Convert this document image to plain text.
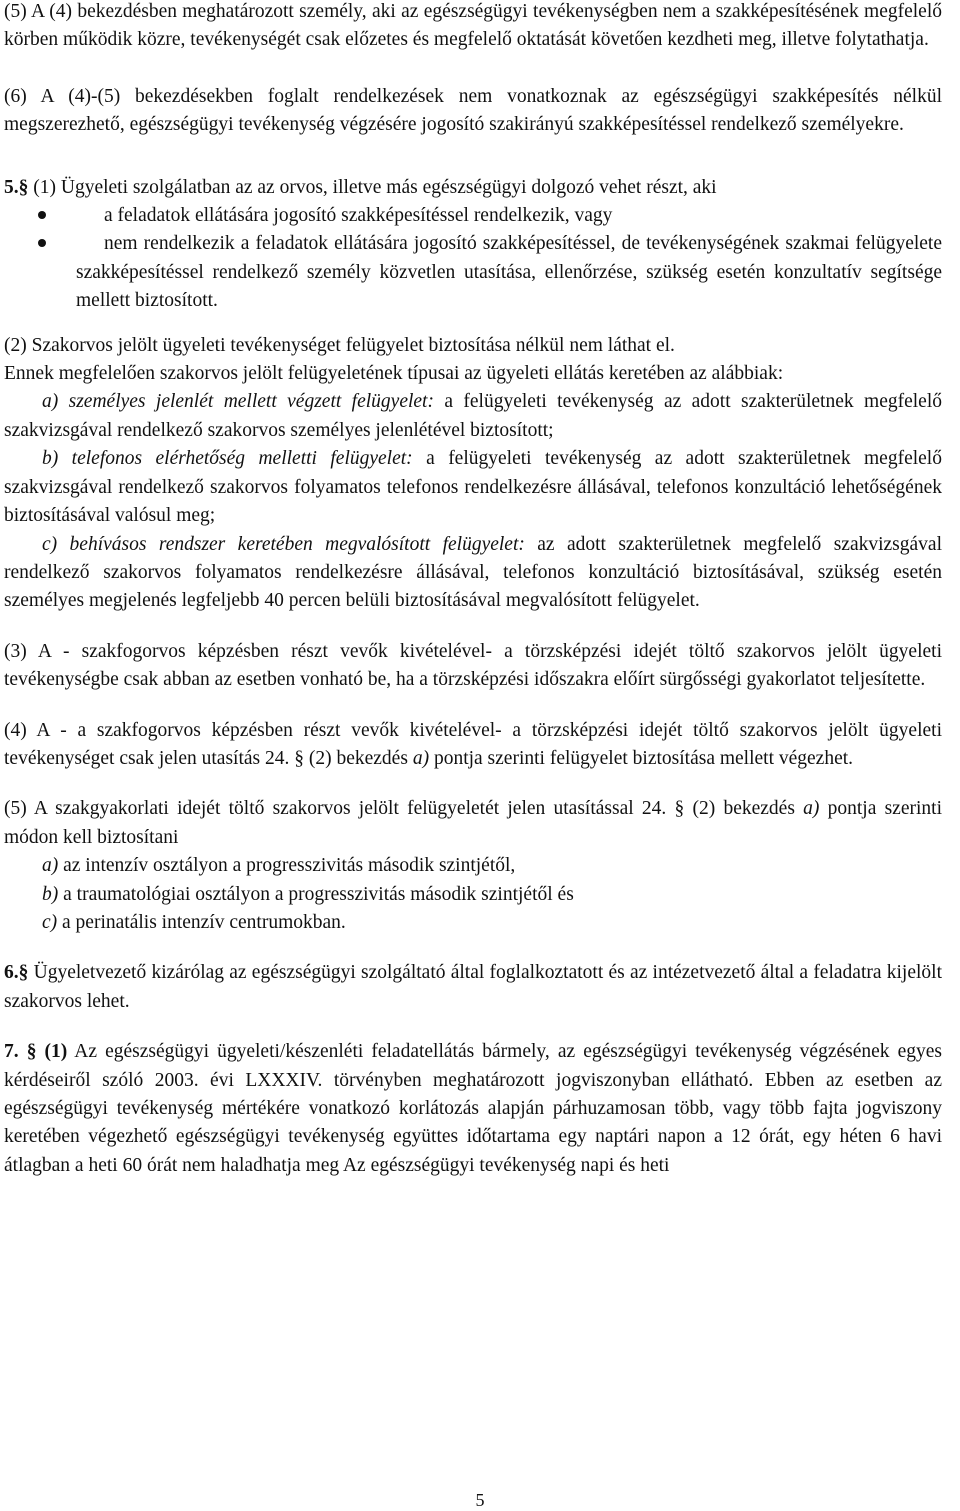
(5) A (4) bekezdésben meghatározott személy, aki az egészségügyi tevékenységben nem a szakképesítésének megfelelő körben működik közre, tevékenységét csak előzetes és megfelelő oktatását követően kezdheti meg, illetve folytathatja.

(6) A (4)-(5) bekezdésekben foglalt rendelkezések nem vonatkoznak az egészségügyi szakképesítés nélkül megszerezhető, egészségügyi tevékenység végzésére jogosító szakirányú szakképesítéssel rendelkező személyekre.

5.§ (1) Ügyeleti szolgálatban az az orvos, illetve más egészségügyi dolgozó vehet részt, aki

a feladatok ellátására jogosító szakképesítéssel rendelkezik, vagy
nem rendelkezik a feladatok ellátására jogosító szakképesítéssel, de tevékenységének szakmai felügyelete szakképesítéssel rendelkező személy közvetlen utasítása, ellenőrzése, szükség esetén konzultatív segítsége mellett biztosított.

(2) Szakorvos jelölt ügyeleti tevékenységet felügyelet biztosítása nélkül nem láthat el.

Ennek megfelelően szakorvos jelölt felügyeletének típusai az ügyeleti ellátás keretében az alábbiak:

a) személyes jelenlét mellett végzett felügyelet: a felügyeleti tevékenység az adott szakterületnek megfelelő szakvizsgával rendelkező szakorvos személyes jelenlétével biztosított;

b) telefonos elérhetőség melletti felügyelet: a felügyeleti tevékenység az adott szakterületnek megfelelő szakvizsgával rendelkező szakorvos folyamatos telefonos rendelkezésre állásával, telefonos konzultáció lehetőségének biztosításával valósul meg;

c) behívásos rendszer keretében megvalósított felügyelet: az adott szakterületnek megfelelő szakvizsgával rendelkező szakorvos folyamatos rendelkezésre állásával, telefonos konzultáció biztosításával, szükség esetén személyes megjelenés legfeljebb 40 percen belüli biztosításával megvalósított felügyelet.

(3) A - szakfogorvos képzésben részt vevők kivételével- a törzsképzési idejét töltő szakorvos jelölt ügyeleti tevékenységbe csak abban az esetben vonható be, ha a törzsképzési időszakra előírt sürgősségi gyakorlatot teljesítette.

(4) A - a szakfogorvos képzésben részt vevők kivételével- a törzsképzési idejét töltő szakorvos jelölt ügyeleti tevékenységet csak jelen utasítás 24. § (2) bekezdés a) pontja szerinti felügyelet biztosítása mellett végezhet.

(5) A szakgyakorlati idejét töltő szakorvos jelölt felügyeletét jelen utasítással 24. § (2) bekezdés a) pontja szerinti módon kell biztosítani

a) az intenzív osztályon a progresszivitás második szintjétől,

b) a traumatológiai osztályon a progresszivitás második szintjétől és

c) a perinatális intenzív centrumokban.

6.§ Ügyeletvezető kizárólag az egészségügyi szolgáltató által foglalkoztatott és az intézetvezető által a feladatra kijelölt szakorvos lehet.

7. § (1) Az egészségügyi ügyeleti/készenléti feladatellátás bármely, az egészségügyi tevékenység végzésének egyes kérdéseiről szóló 2003. évi LXXXIV. törvényben meghatározott jogviszonyban ellátható. Ebben az esetben az egészségügyi tevékenység mértékére vonatkozó korlátozás alapján párhuzamosan több, vagy több fajta jogviszony keretében végezhető egészségügyi tevékenység együttes időtartama egy naptári napon a 12 órát, egy héten 6 havi átlagban a heti 60 órát nem haladhatja meg Az egészségügyi tevékenység napi és heti

5
